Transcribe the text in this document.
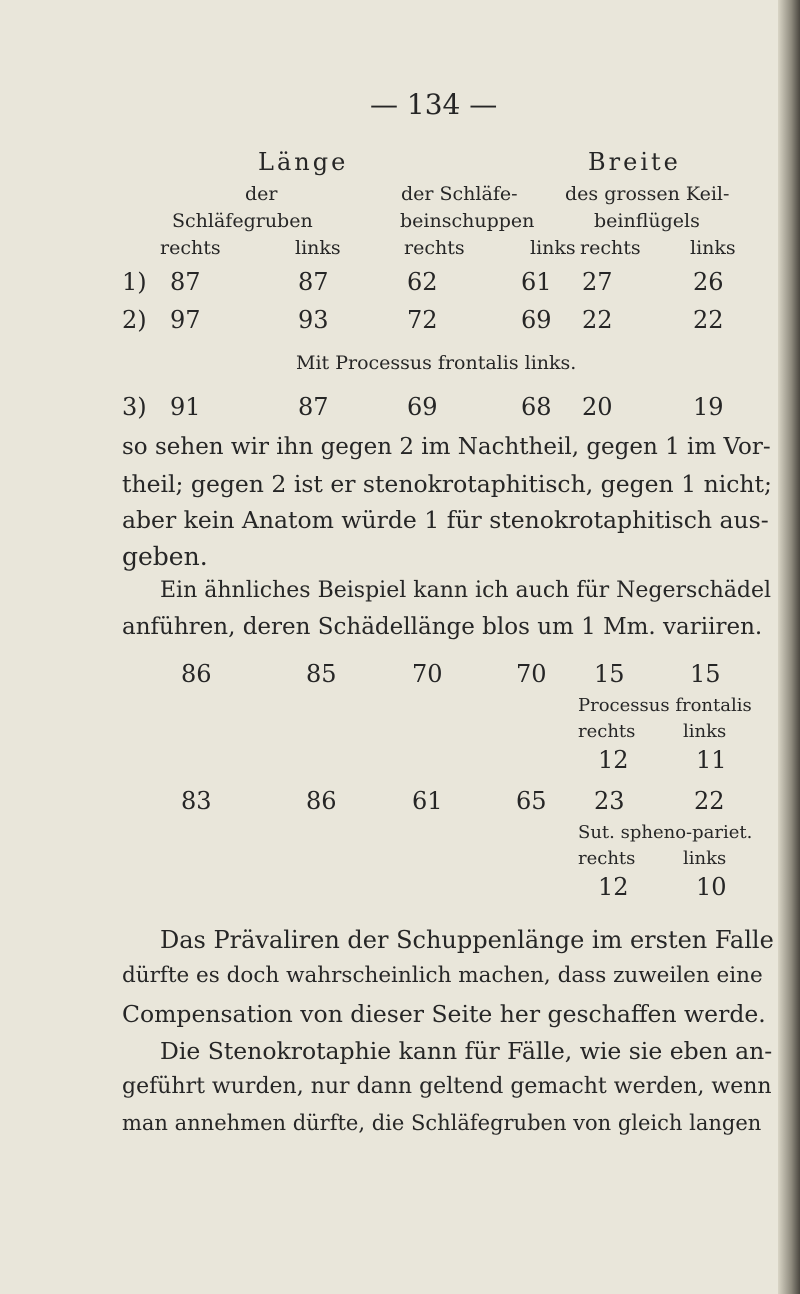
— 134 —
Länge	Breite
der
Schläfegruben
der Schläfe-
beinschuppen
des grossen Keil-
beinflügels
rechts	links	rechts	links rechts	links
1) 87	87	62	61 27	26
2) 97	93	72	69 22	22
Mit Processus frontalis links.
3) 91	87	69	68 20	19
so sehen wir ihn gegen 2 im Nachtheil, gegen 1 im Vor-
theil; gegen 2 ist er stenokrotaphitisch, gegen 1 nicht;
aber kein Anatom würde 1 für stenokrotaphitisch aus-
geben.
Ein ähnliches Beispiel kann ich auch für Negerschädel
anführen, deren Schädellänge blos um 1 Mm. variiren.
86	85	70	70 15	15
Processus frontalis
rechts	links
12	11
83	86	61	65 23	22
Sut. spheno-pariet.
rechts	links
12	10
Das Prävaliren der Schuppenlänge im ersten Falle
dürfte es doch wahrscheinlich machen, dass zuweilen eine
Compensation von dieser Seite her geschaffen werde.
Die Stenokrotaphie kann für Fälle, wie sie eben an-
geführt wurden, nur dann geltend gemacht werden, wenn
man annehmen dürfte, die Schläfegruben von gleich langen
